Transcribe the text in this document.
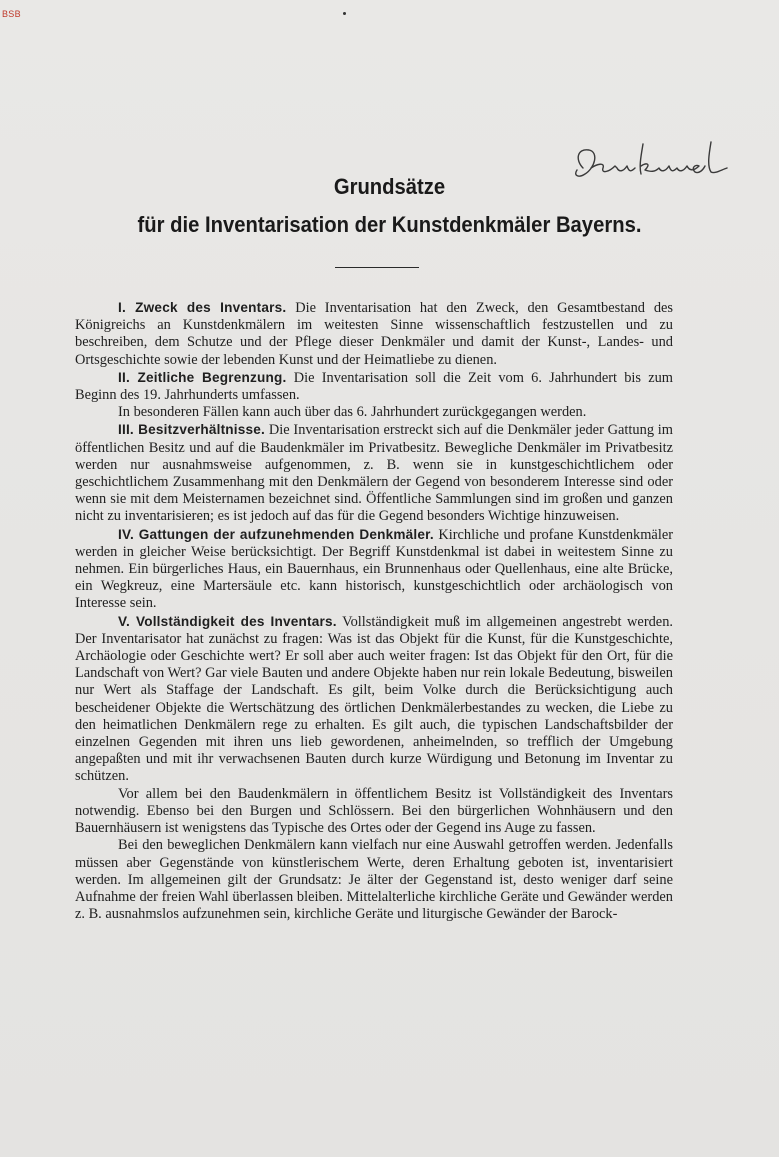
BSB
Denkmal
Grundsätze
für die Inventarisation der Kunstdenkmäler Bayerns.

I. Zweck des Inventars. Die Inventarisation hat den Zweck, den Gesamtbestand des Königreichs an Kunstdenkmälern im weitesten Sinne wissenschaftlich festzustellen und zu beschreiben, dem Schutze und der Pflege dieser Denkmäler und damit der Kunst-, Landes- und Ortsgeschichte sowie der lebenden Kunst und der Heimatliebe zu dienen.

II. Zeitliche Begrenzung. Die Inventarisation soll die Zeit vom 6. Jahrhundert bis zum Beginn des 19. Jahrhunderts umfassen.

In besonderen Fällen kann auch über das 6. Jahrhundert zurückgegangen werden.

III. Besitzverhältnisse. Die Inventarisation erstreckt sich auf die Denkmäler jeder Gattung im öffentlichen Besitz und auf die Baudenkmäler im Privatbesitz. Bewegliche Denkmäler im Privatbesitz werden nur ausnahmsweise aufgenommen, z. B. wenn sie in kunstgeschichtlichem oder geschichtlichem Zusammenhang mit den Denkmälern der Gegend von besonderem Interesse sind oder wenn sie mit dem Meisternamen bezeichnet sind. Öffentliche Sammlungen sind im großen und ganzen nicht zu inventarisieren; es ist jedoch auf das für die Gegend besonders Wichtige hinzuweisen.

IV. Gattungen der aufzunehmenden Denkmäler. Kirchliche und profane Kunstdenkmäler werden in gleicher Weise berücksichtigt. Der Begriff Kunstdenkmal ist dabei in weitestem Sinne zu nehmen. Ein bürgerliches Haus, ein Bauernhaus, ein Brunnenhaus oder Quellenhaus, eine alte Brücke, ein Wegkreuz, eine Martersäule etc. kann historisch, kunstgeschichtlich oder archäologisch von Interesse sein.

V. Vollständigkeit des Inventars. Vollständigkeit muß im allgemeinen angestrebt werden. Der Inventarisator hat zunächst zu fragen: Was ist das Objekt für die Kunst, für die Kunstgeschichte, Archäologie oder Geschichte wert? Er soll aber auch weiter fragen: Ist das Objekt für den Ort, für die Landschaft von Wert? Gar viele Bauten und andere Objekte haben nur rein lokale Bedeutung, bisweilen nur Wert als Staffage der Landschaft. Es gilt, beim Volke durch die Berücksichtigung auch bescheidener Objekte die Wertschätzung des örtlichen Denkmälerbestandes zu wecken, die Liebe zu den heimatlichen Denkmälern rege zu erhalten. Es gilt auch, die typischen Landschaftsbilder der einzelnen Gegenden mit ihren uns lieb gewordenen, anheimelnden, so trefflich der Umgebung angepaßten und mit ihr verwachsenen Bauten durch kurze Würdigung und Betonung im Inventar zu schützen.

Vor allem bei den Baudenkmälern in öffentlichem Besitz ist Vollständigkeit des Inventars notwendig. Ebenso bei den Burgen und Schlössern. Bei den bürgerlichen Wohnhäusern und den Bauernhäusern ist wenigstens das Typische des Ortes oder der Gegend ins Auge zu fassen.

Bei den beweglichen Denkmälern kann vielfach nur eine Auswahl getroffen werden. Jedenfalls müssen aber Gegenstände von künstlerischem Werte, deren Erhaltung geboten ist, inventarisiert werden. Im allgemeinen gilt der Grundsatz: Je älter der Gegenstand ist, desto weniger darf seine Aufnahme der freien Wahl überlassen bleiben. Mittelalterliche kirchliche Geräte und Gewänder werden z. B. ausnahmslos aufzunehmen sein, kirchliche Geräte und liturgische Gewänder der Barock-
